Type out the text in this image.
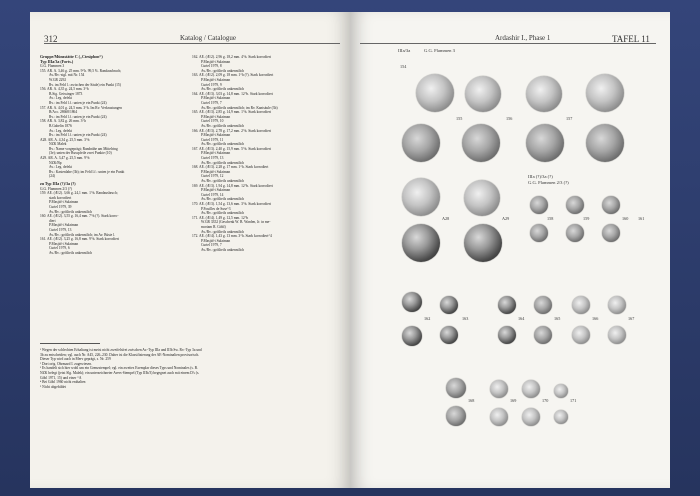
312	Katalog / Catalogue
Gruppe/Münzstätte C („Ctesiphon“)
Typ IIIa/3a (Forts.)
G.G. Flammen 3
155. AR. A. 3,46 g. 25 mm. 9^h. 99,5 %. Randausbruch;
Av./Rv.-stgl. mit Nr. 154
W.GR 2292
Rv. im Feld l.: zwischen der Säule) ein Punkt (15)
156. AR. A. 4,35 g. 24,5 mm. 3^h
B.Sig. Geissinger 1873
Av.: Leg. defekt
Rv.: im Feld l.f.: unten je ein Punkt (24)
157. AR. A. 4,01 g. 24,5 mm. 3^h. Im Rv. Verkrustungen
B/Acc. 28668/1864
Rv.: im Feld l.f.: unten je ein Punkt (24)
158. AR. A. 3,82 g. 26 mm. 3^h
B.Gabelin 1876
Av.: Leg. defekt
Rv.: im Feld l.f.: unten je ein Punkt (24)
A28. AR. A. 4,34 g. 25,5 mm. 3^h
NZK Malek
Rv.: Name vorgeprägt; Randnähe am Mittelring
(3e); unten der Busspfeile zwei Punkte (10)
A29. AR. A. 3,47 g. 25,5 mm. 9^h
NZK/Bp
Av.: Leg. defekt
Rv.: Kastenlabe (3b); im Feld l.f.: unten je ein Punkt
(24)
zu Typ IIIa (?)/3a (?)
G.G. Flammen 2/3 (?)
159. AE. (Æ/2). 3,66 g. 24,1 mm. 1^h. Randausbruch;
stark korrodiert
P.Masjid-i Sulaiman
Curiel 1979, 39
Av./Rv.: größteils unkenntlich
160. AE. (Æ/2). 3,55 g. 16,4 mm. 7^h (?). Stark korro-
diert
P.Masjid-i Sulaiman
Curiel 1979, 13
Av./Rv.: größteils unkenntlich; im Av. Büste l.
161. AE. (Æ/2). 3,25 g. 16,8 mm. 9^h. Stark korrodiert
P.Masjid-i Sulaiman
Curiel 1979, 6
Av./Rv.: größteils unkenntlich
162. AE. (Æ/2). 2,96 g. 18,2 mm. 4^h. Stark korrodiert
P.Masjid-i Sulaiman
Curiel 1979, 8
Av./Rv.: größteils unkenntlich
163. AE. (Æ/2). 2,09 g. 18 mm. 1^h (?). Stark korrodiert
P.Masjid-i Sulaiman
Curiel 1979, 9
Av./Rv.: größteils unkenntlich
164. AE. (Æ/3). 3,03 g. 14,8 mm. 12^h. Stark korrodiert
P.Masjid-i Sulaiman
Curiel 1979, 7
Av./Rv.: größteils unkenntlich; im Rv. Kantsäule (3b)
165. AE. (Æ/3). 2,85 g. 14,9 mm. 1^h. Stark korrodiert
P.Masjid-i Sulaiman
Curiel 1979, 10
Av./Rv.: größteils unkenntlich
166. AE. (Æ/3). 2,78 g. 17,2 mm. 2^h. Stark korrodiert
P.Masjid-i Sulaiman
Curiel 1979, 11
Av./Rv.: größteils unkenntlich
167. AE. (Æ/3). 2,40 g. 15,9 mm. 5^h. Stark korrodiert
P.Masjid-i Sulaiman
Curiel 1979, 13
Av./Rv.: größteils unkenntlich
168. AE. (Æ/3). 2,28 g. 17 mm. 1^h. Stark korrodiert
P.Masjid-i Sulaiman
Curiel 1979, 12
Av./Rv.: größteils unkenntlich
169. AE. (Æ/3). 1,94 g. 14,8 mm. 12^h. Stark korrodiert
P.Masjid-i Sulaiman
Curiel 1979, 14
Av./Rv.: größteils unkenntlich
170. AE. (Æ/3). 1,54 g. 13,6 mm. 3^h. Stark korrodiert
P.Fouilles de Suse^3
Av./Rv.: größteils unkenntlich
171. AE. (Æ/4). 1,49 g. 12,5 mm. 12^h
W.GR 3352 (Geschenk W. B. Warden, Jr. in me-
moriam R. Göbl)
Av./Rv.: größteils unkenntlich
172. AE. (Æ/4). 1,43 g. 13 mm. 3^h. Stark korrodiert^4
P.Masjid-i Sulaiman
Curiel 1979, 7
Av./Rv.: größteils unkenntlich
¹ Wegen der schlechten Erhaltung ist meist nicht zweifelsfrei zwischen Av.-Typ IIIa und IIIb Sw. Rv.-Typ 3a und
3b zu entscheiden; vgl. auch Nr. A45, 226–230. Daher ist die Klassifizierung der AE-Nominalien provisorisch.
Dieser Typ wird auch in Merv geprägt, s. Nr. 259
² Dort orig. Ohrmazd I. zugewiesen.
³ Es handelt sich hier wohl um ein Grenzstempel; vgl. ein zweites Exemplar dieses Typs und Nominales (s. B.
NZK belegt (jetzt Slg. Malek); ein unterzeichneter Avers-Stempel (Typ IIIb/3) begegnet auch mit einem D's (s.
Göbl 1971, 15) und einer ^A
⁴ Bei Göbl 1960 nicht enthalten
⁵ Nicht abgebildet
Ardashir I., Phase 1	TAFEL 11
IIIa/3a	G.G. Flammen 3
IIIa (?)/3a (?)
G.G. Flammen 2/3 (?)
154
155	156	157
158
A28	A29	159	160 161
162	163	164	165	166	167
168	169	170	171
